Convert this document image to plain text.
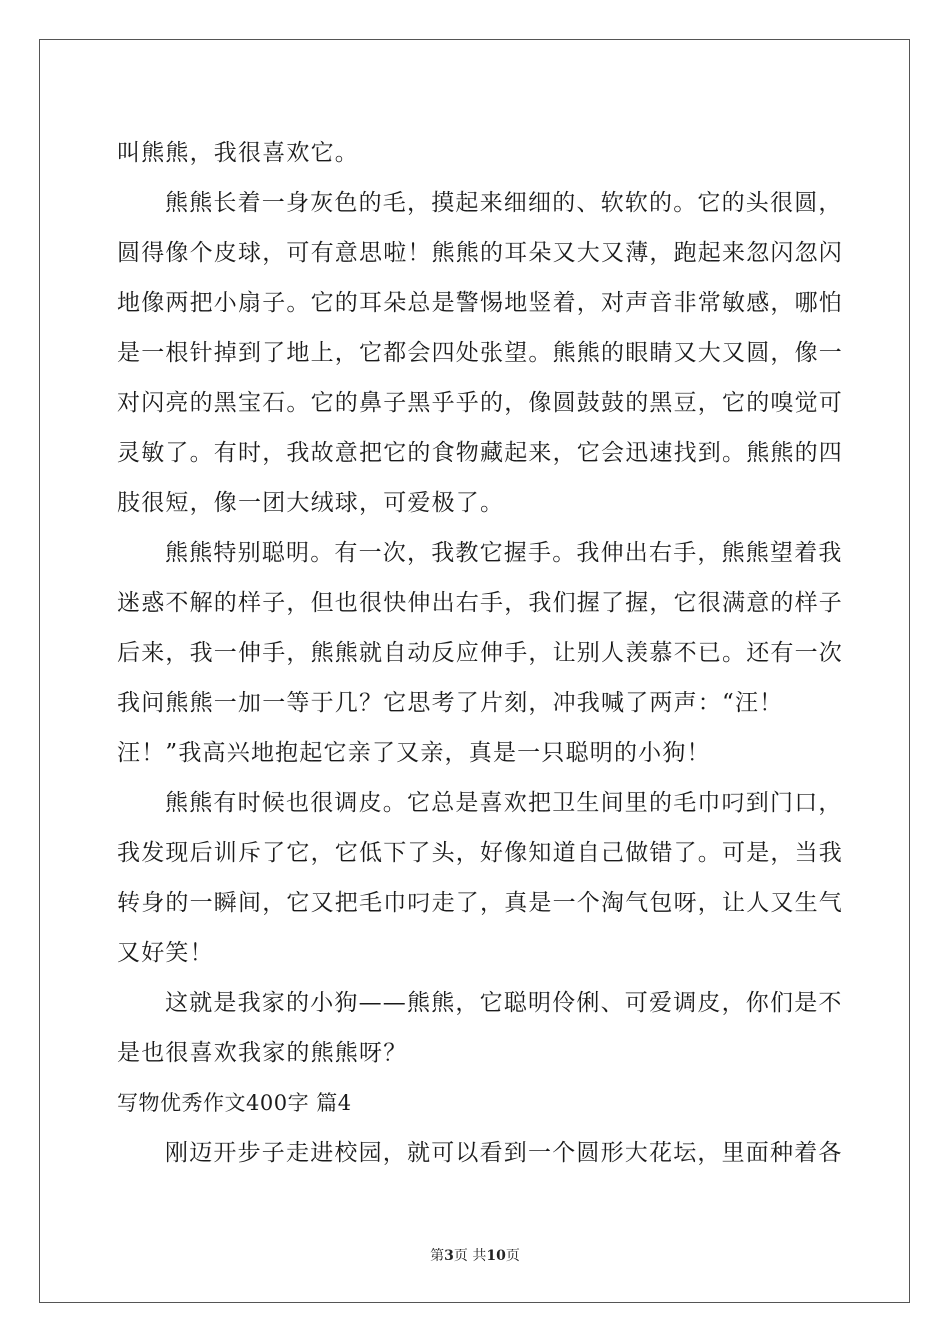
叫熊熊，我很喜欢它。
熊熊长着一身灰色的毛，摸起来细细的、软软的。它的头很圆，
圆得像个皮球，可有意思啦！熊熊的耳朵又大又薄，跑起来忽闪忽闪
地像两把小扇子。它的耳朵总是警惕地竖着，对声音非常敏感，哪怕
是一根针掉到了地上，它都会四处张望。熊熊的眼睛又大又圆，像一
对闪亮的黑宝石。它的鼻子黑乎乎的，像圆鼓鼓的黑豆，它的嗅觉可
灵敏了。有时，我故意把它的食物藏起来，它会迅速找到。熊熊的四
肢很短，像一团大绒球，可爱极了。
熊熊特别聪明。有一次，我教它握手。我伸出右手，熊熊望着我
迷惑不解的样子，但也很快伸出右手，我们握了握，它很满意的样子
后来，我一伸手，熊熊就自动反应伸手，让别人羡慕不已。还有一次
我问熊熊一加一等于几？它思考了片刻，冲我喊了两声：“汪！
汪！”我高兴地抱起它亲了又亲，真是一只聪明的小狗！
熊熊有时候也很调皮。它总是喜欢把卫生间里的毛巾叼到门口，
我发现后训斥了它，它低下了头，好像知道自己做错了。可是，当我
转身的一瞬间，它又把毛巾叼走了，真是一个淘气包呀，让人又生气
又好笑！
这就是我家的小狗——熊熊，它聪明伶俐、可爱调皮，你们是不
是也很喜欢我家的熊熊呀？
写物优秀作文400字 篇4
刚迈开步子走进校园，就可以看到一个圆形大花坛，里面种着各
第3页 共10页
